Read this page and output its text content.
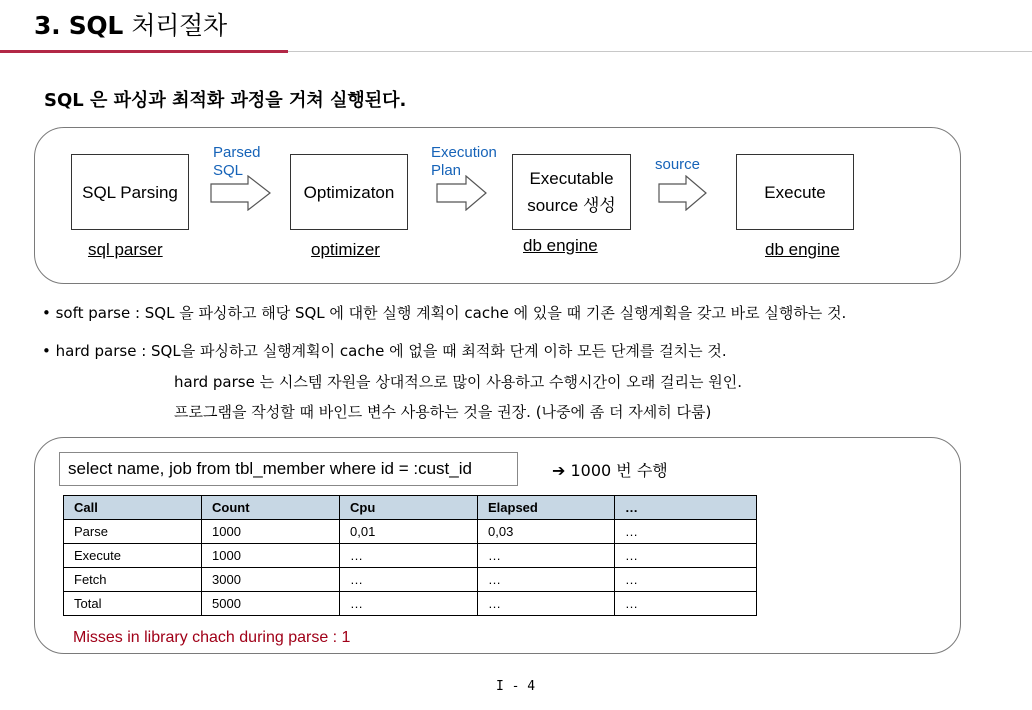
3. SQL 처리절차
SQL 은 파싱과 최적화 과정을 거쳐 실행된다.
SQL Parsing	Optimizaton
Executable
source 생성
Execute
Parsed
SQL
Execution
Plan	source
sql parser	optimizer	db engine	db engine
• soft parse : SQL 을 파싱하고 해당 SQL 에 대한 실행 계획이 cache 에 있을 때 기존 실행계획을 갖고 바로 실행하는 것.
• hard parse : SQL을 파싱하고 실행계획이 cache 에 없을 때 최적화 단계 이하 모든 단계를 걸치는 것.
hard parse 는 시스템 자원을 상대적으로 많이 사용하고 수행시간이 오래 걸리는 원인.
프로그램을 작성할 때 바인드 변수 사용하는 것을 권장. (나중에 좀 더 자세히 다룸)
select name, job from tbl_member where id = :cust_id	➔ 1000 번 수행
Call	Count	Cpu	Elapsed	…
Parse	1000	0,01	0,03	…
Execute	1000	…	…	…
Fetch	3000	…	…	…
Total	5000	…	…	…
Misses in library chach during parse : 1
I - 4
